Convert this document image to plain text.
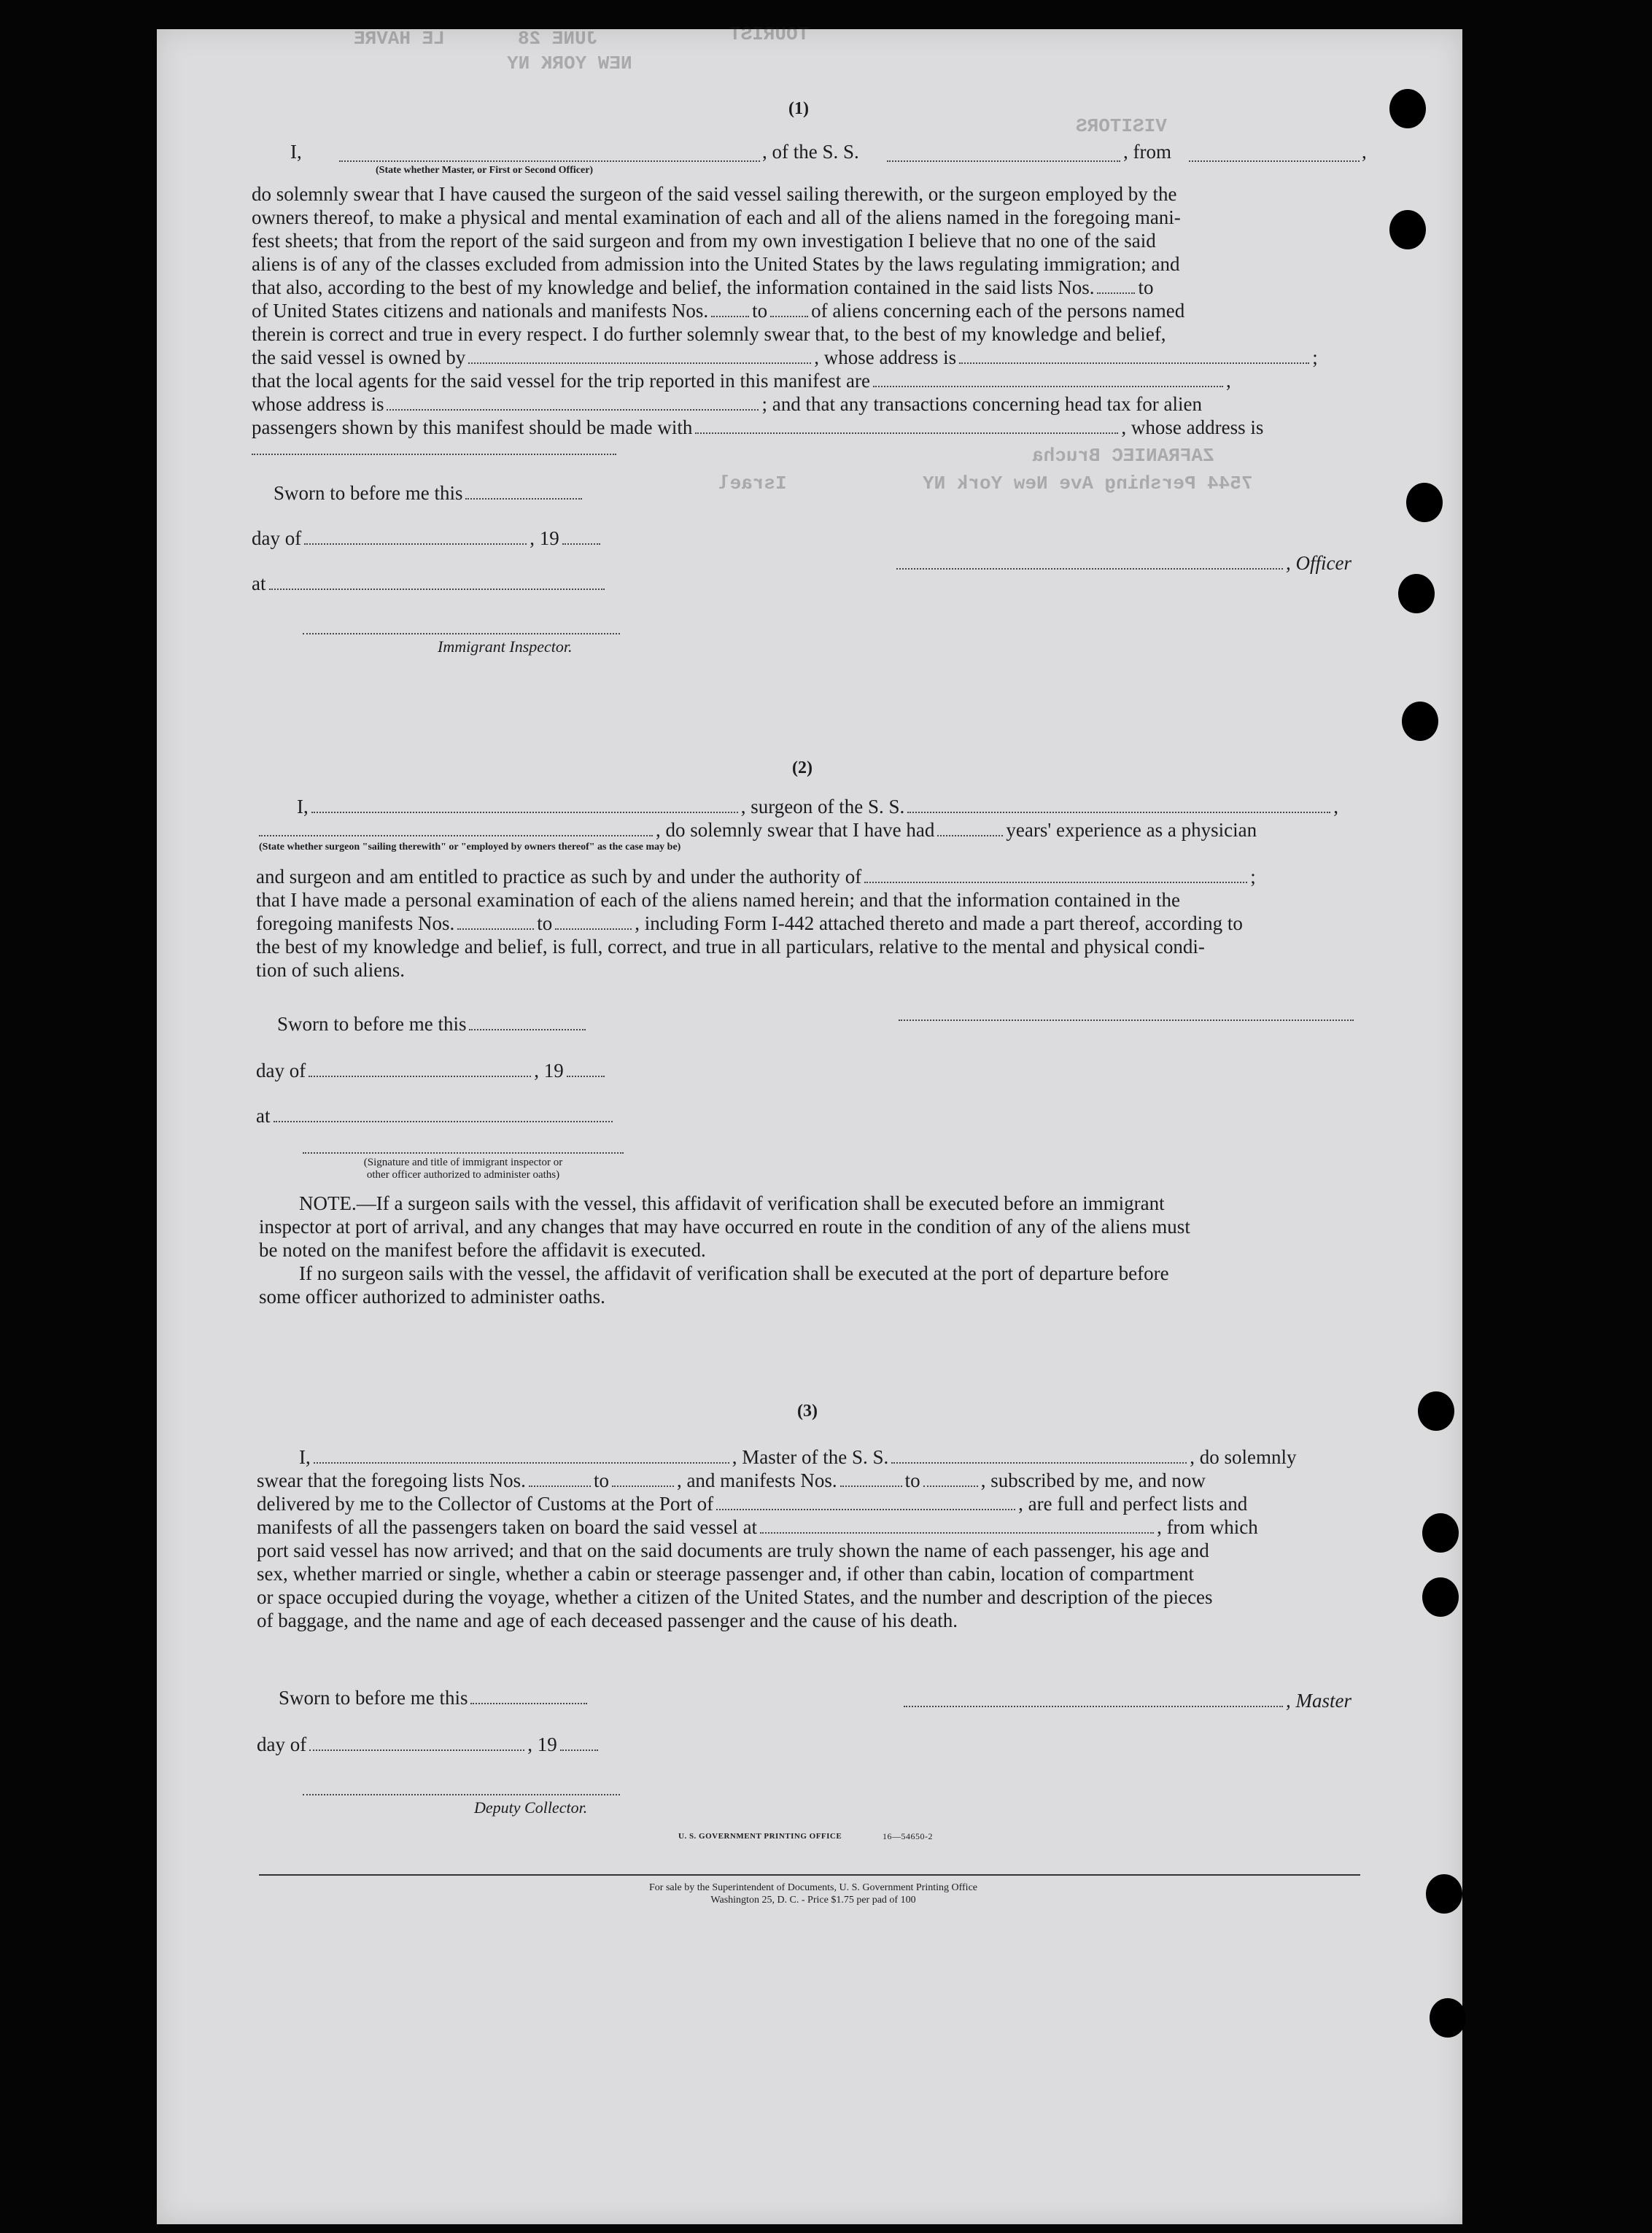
LE HAVRE	JUNE 28	TOURIST
NEW YORK NY
VISITORS
ZAFRANIEC Brucha
7544 Pershing Ave New York NY
Israel
(1)
I,	, of the S. S.	, from	,
(State whether Master, or First or Second Officer)
do solemnly swear that I have caused the surgeon of the said vessel sailing therewith, or the surgeon employed by the
owners thereof, to make a physical and mental examination of each and all of the aliens named in the foregoing mani-
fest sheets; that from the report of the said surgeon and from my own investigation I believe that no one of the said
aliens is of any of the classes excluded from admission into the United States by the laws regulating immigration; and
that also, according to the best of my knowledge and belief, the information contained in the said lists Nos. to
of United States citizens and nationals and manifests Nos. to of aliens concerning each of the persons named
therein is correct and true in every respect. I do further solemnly swear that, to the best of my knowledge and belief,
the said vessel is owned by	, whose address is	;
that the local agents for the said vessel for the trip reported in this manifest are	,
whose address is	; and that any transactions concerning head tax for alien
passengers shown by this manifest should be made with	, whose address is
Sworn to before me this
day of	, 19
, Officer
at
Immigrant Inspector.
(2)
I,	, surgeon of the S. S.	,
, do solemnly swear that I have had	years' experience as a physician
(State whether surgeon "sailing therewith" or "employed by owners thereof" as the case may be)
and surgeon and am entitled to practice as such by and under the authority of	;
that I have made a personal examination of each of the aliens named herein; and that the information contained in the
foregoing manifests Nos.	to	, including Form I-442 attached thereto and made a part thereof, according to
the best of my knowledge and belief, is full, correct, and true in all particulars, relative to the mental and physical condi-
tion of such aliens.
Sworn to before me this
day of	, 19
at
(Signature and title of immigrant inspector or
other officer authorized to administer oaths)
NOTE.—If a surgeon sails with the vessel, this affidavit of verification shall be executed before an immigrant
inspector at port of arrival, and any changes that may have occurred en route in the condition of any of the aliens must
be noted on the manifest before the affidavit is executed.
If no surgeon sails with the vessel, the affidavit of verification shall be executed at the port of departure before
some officer authorized to administer oaths.
(3)
I,	, Master of the S. S.	, do solemnly
swear that the foregoing lists Nos.	to	, and manifests Nos.	to	, subscribed by me, and now
delivered by me to the Collector of Customs at the Port of	, are full and perfect lists and
manifests of all the passengers taken on board the said vessel at	, from which
port said vessel has now arrived; and that on the said documents are truly shown the name of each passenger, his age and
sex, whether married or single, whether a cabin or steerage passenger and, if other than cabin, location of compartment
or space occupied during the voyage, whether a citizen of the United States, and the number and description of the pieces
of baggage, and the name and age of each deceased passenger and the cause of his death.
Sworn to before me this	, Master
day of	, 19
Deputy Collector.
U. S. GOVERNMENT PRINTING OFFICE	16—54650-2
For sale by the Superintendent of Documents, U. S. Government Printing Office
Washington 25, D. C. - Price $1.75 per pad of 100
